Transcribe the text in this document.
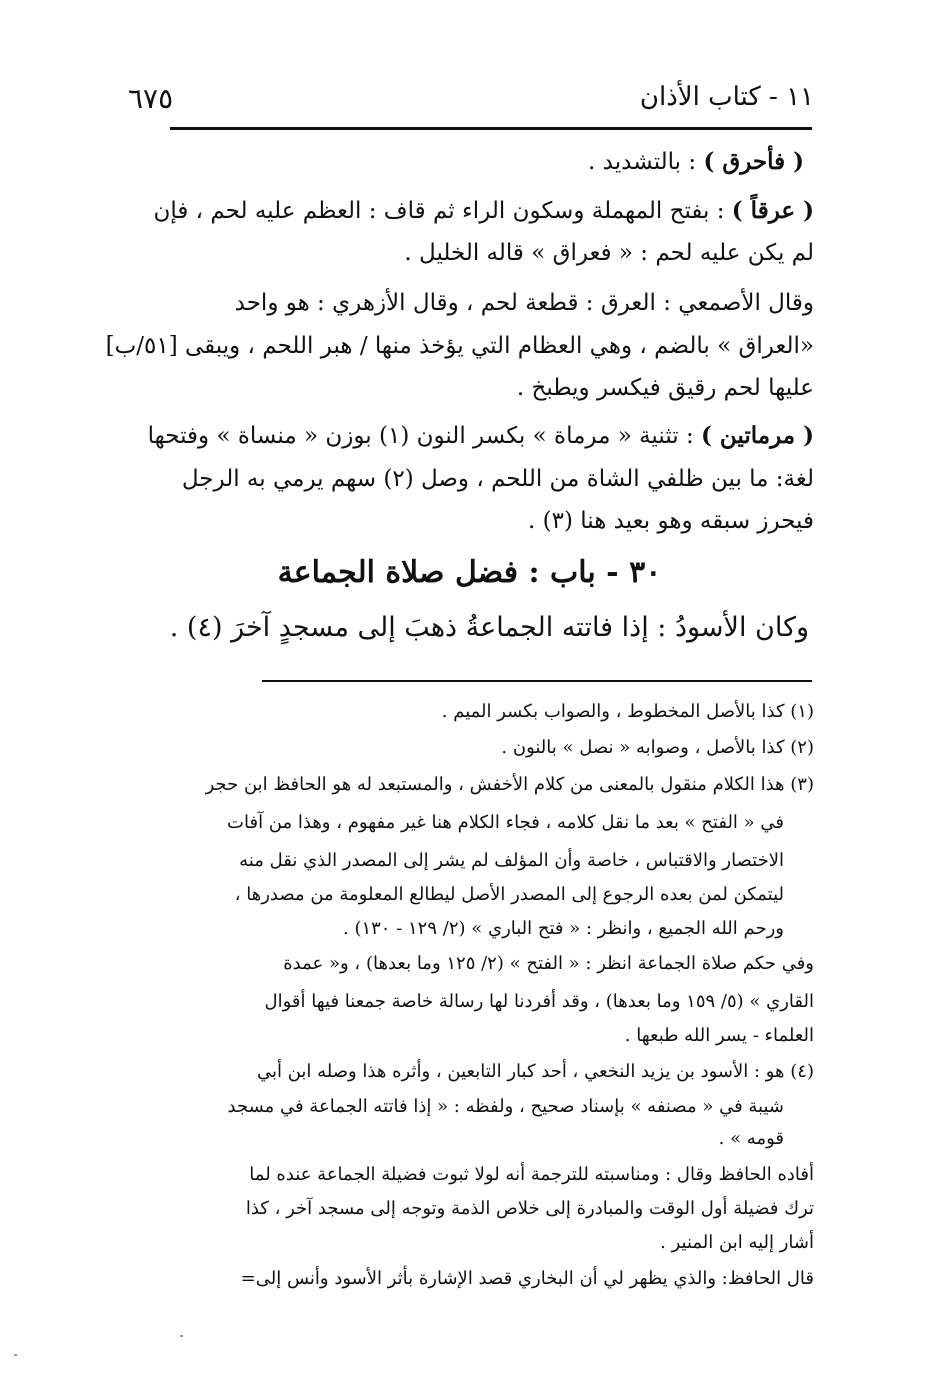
١١ - كتاب الأذان
٦٧٥
( فأحرق ) : بالتشديد .
( عرقاً ) : بفتح المهملة وسكون الراء ثم قاف : العظم عليه لحم ، فإن
لم يكن عليه لحم : « فعراق » قاله الخليل .
وقال الأصمعي : العرق : قطعة لحم ، وقال الأزهري : هو واحد
«العراق » بالضم ، وهي العظام التي يؤخذ منها / هبر اللحم ، ويبقى [٥١/ب]
عليها لحم رقيق فيكسر ويطبخ .
( مرماتين ) : تثنية « مرماة » بكسر النون (١) بوزن « منساة » وفتحها
لغة: ما بين ظلفي الشاة من اللحم ، وصل (٢) سهم يرمي به الرجل
فيحرز سبقه وهو بعيد هنا (٣) .
٣٠ - باب : فضل صلاة الجماعة
وكان الأسودُ : إذا فاتته الجماعةُ ذهبَ إلى مسجدٍ آخرَ (٤) .
(١) كذا بالأصل المخطوط ، والصواب بكسر الميم .
(٢) كذا بالأصل ، وصوابه « نصل » بالنون .
(٣) هذا الكلام منقول بالمعنى من كلام الأخفش ، والمستبعد له هو الحافظ ابن حجر
في « الفتح » بعد ما نقل كلامه ، فجاء الكلام هنا غير مفهوم ، وهذا من آفات
الاختصار والاقتباس ، خاصة وأن المؤلف لم يشر إلى المصدر الذي نقل منه
ليتمكن لمن بعده الرجوع إلى المصدر الأصل ليطالع المعلومة من مصدرها ،
ورحم الله الجميع ، وانظر : « فتح الباري » (٢/ ١٢٩ - ١٣٠) .
وفي حكم صلاة الجماعة انظر : « الفتح » (٢/ ١٢٥ وما بعدها) ، و« عمدة
القاري » (٥/ ١٥٩ وما بعدها) ، وقد أفردنا لها رسالة خاصة جمعنا فيها أقوال
العلماء - يسر الله طبعها .
(٤) هو : الأسود بن يزيد النخعي ، أحد كبار التابعين ، وأثره هذا وصله ابن أبي
شيبة في « مصنفه » بإسناد صحيح ، ولفظه : « إذا فاتته الجماعة في مسجد
قومه » .
أفاده الحافظ وقال : ومناسبته للترجمة أنه لولا ثبوت فضيلة الجماعة عنده لما
ترك فضيلة أول الوقت والمبادرة إلى خلاص الذمة وتوجه إلى مسجد آخر ، كذا
أشار إليه ابن المنير .
قال الحافظ: والذي يظهر لي أن البخاري قصد الإشارة بأثر الأسود وأنس إلى=
